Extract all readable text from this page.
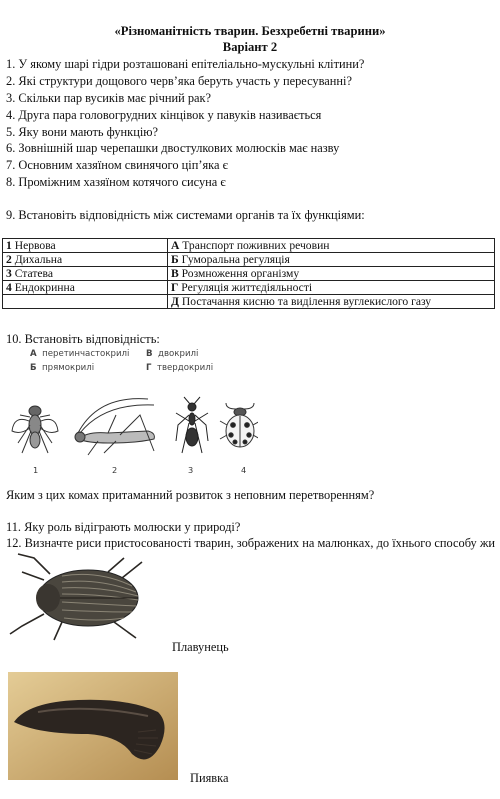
«Різноманітність тварин. Безхребетні тварини»
Варіант 2
1. У якому шарі гідри розташовані епітеліально-мускульні клітини?
2. Які структури дощового черв’яка беруть участь у пересуванні?
3. Скільки пар вусиків має річний рак?
4. Друга пара головогрудних кінцівок у павуків називається
5. Яку вони мають функцію?
6. Зовнішній шар черепашки двостулкових молюсків має назву
7. Основним хазяїном свинячого ціп’яка є
8. Проміжним хазяїном котячого сисуна є
9. Встановіть відповідність між системами органів та їх функціями:
1 Нервова	А Транспорт поживних речовин
2 Дихальна	Б Гуморальна регуляція
3 Статева	В Розмноження організму
4 Ендокринна	Г Регуляція життєдіяльності
	Д Постачання кисню та виділення вуглекислого газу
10. Встановіть відповідність:
А перетинчастокрилі
Б прямокрилі
В двокрилі
Г твердокрилі
1	2	3	4
Яким з цих комах притаманний розвиток з неповним перетворенням?
11. Яку роль відіграють молюски у природі?
12. Визначте риси пристосованості тварин, зображених на малюнках, до їхнього способу жи
Плавунець
Пиявка
